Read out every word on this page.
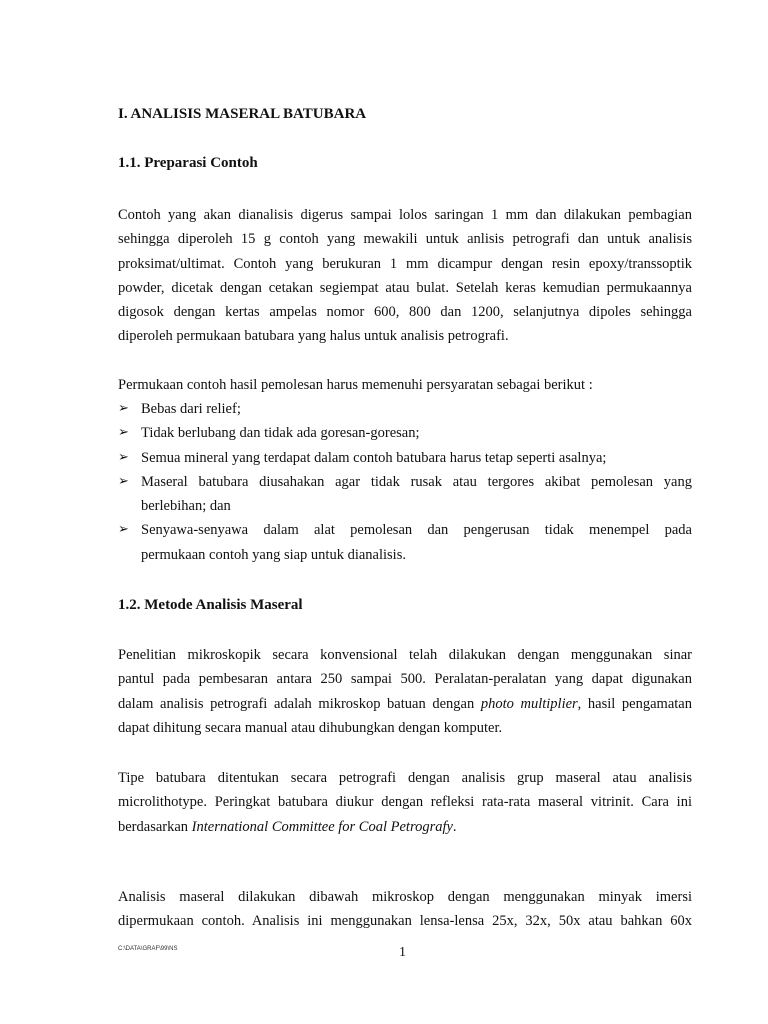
I. ANALISIS MASERAL BATUBARA
1.1. Preparasi Contoh
Contoh yang akan dianalisis digerus sampai lolos saringan 1 mm dan dilakukan pembagian
sehingga diperoleh 15 g contoh yang mewakili untuk anlisis petrografi dan untuk analisis
proksimat/ultimat. Contoh yang berukuran 1 mm dicampur dengan resin epoxy/transsoptik
powder, dicetak dengan cetakan segiempat atau bulat. Setelah keras kemudian permukaannya
digosok dengan kertas ampelas nomor 600, 800 dan 1200, selanjutnya dipoles sehingga
diperoleh permukaan batubara yang halus untuk analisis petrografi.
Permukaan contoh hasil pemolesan harus memenuhi persyaratan sebagai berikut :
➢ Bebas dari relief;
➢ Tidak berlubang dan tidak ada goresan-goresan;
➢ Semua mineral yang terdapat dalam contoh batubara harus tetap seperti asalnya;
➢ Maseral batubara diusahakan agar tidak rusak atau tergores akibat pemolesan yang
berlebihan; dan
➢ Senyawa-senyawa dalam alat pemolesan dan pengerusan tidak menempel pada
permukaan contoh yang siap untuk dianalisis.
1.2. Metode Analisis Maseral
Penelitian mikroskopik secara konvensional telah dilakukan dengan menggunakan sinar
pantul pada pembesaran antara 250 sampai 500. Peralatan-peralatan yang dapat digunakan
dalam analisis petrografi adalah mikroskop batuan dengan photo multiplier, hasil pengamatan
dapat dihitung secara manual atau dihubungkan dengan komputer.
Tipe batubara ditentukan secara petrografi dengan analisis grup maseral atau analisis
microlithotype. Peringkat batubara diukur dengan refleksi rata-rata maseral vitrinit. Cara ini
berdasarkan International Committee for Coal Petrografy.
Analisis maseral dilakukan dibawah mikroskop dengan menggunakan minyak imersi
dipermukaan contoh. Analisis ini menggunakan lensa-lensa 25x, 32x, 50x atau bahkan 60x
C:\DATA\GRAF\99\NS	1
